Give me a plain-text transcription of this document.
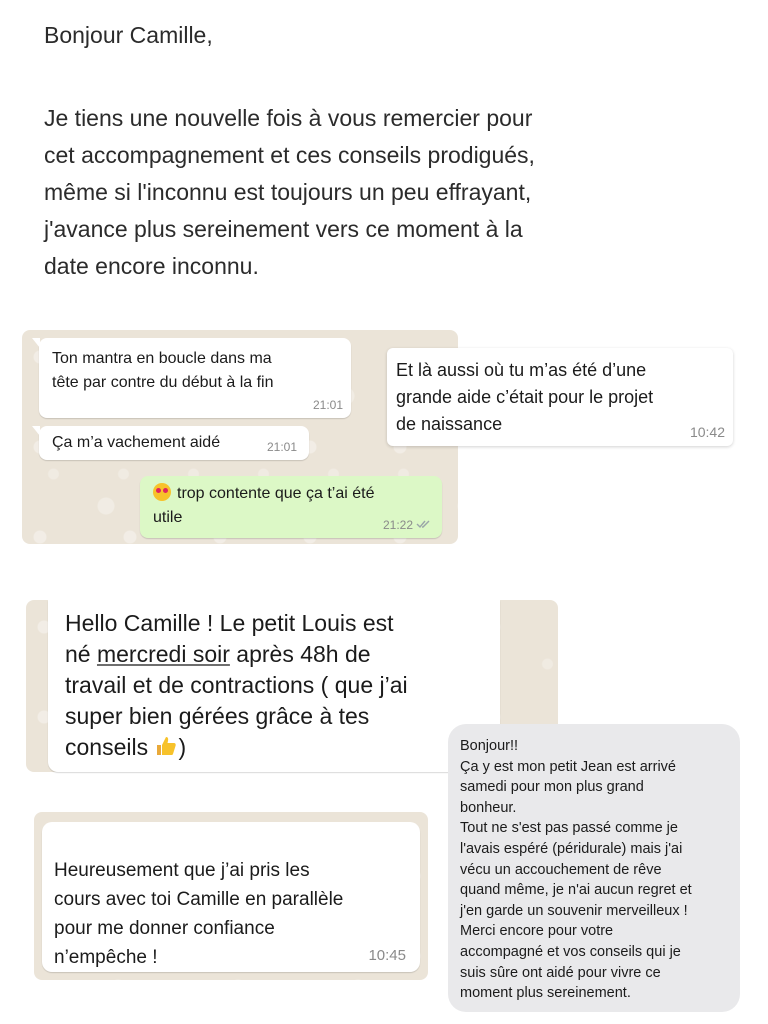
Bonjour Camille,
Je tiens une nouvelle fois à vous remercier pour
cet accompagnement et ces conseils prodigués,
même si l'inconnu est toujours un peu effrayant,
j'avance plus sereinement vers ce moment à la
date encore inconnu.
Ton mantra en boucle dans ma
tête par contre du début à la fin
21:01
Ça m’a vachement aidé	21:01
trop contente que ça t’ai été
utile	21:22
Et là aussi où tu m’as été d’une
grande aide c’était pour le projet
de naissance	10:42
Hello Camille ! Le petit Louis est
né mercredi soir après 48h de
travail et de contractions ( que j’ai
super bien gérées grâce à tes
conseils )
Heureusement que j’ai pris les
cours avec toi Camille en parallèle
pour me donner confiance
n’empêche !	10:45
Bonjour!!
Ça y est mon petit Jean est arrivé
samedi pour mon plus grand
bonheur.
Tout ne s'est pas passé comme je
l'avais espéré (péridurale) mais j'ai
vécu un accouchement de rêve
quand même, je n'ai aucun regret et
j'en garde un souvenir merveilleux !
Merci encore pour votre
accompagné et vos conseils qui je
suis sûre ont aidé pour vivre ce
moment plus sereinement.
